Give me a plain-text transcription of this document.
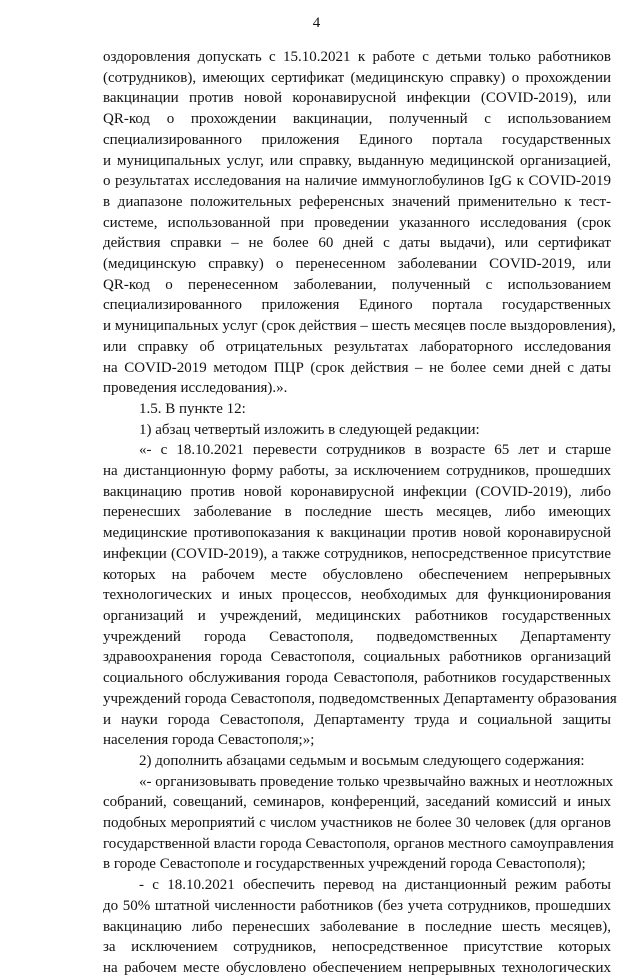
4
оздоровления допускать с 15.10.2021 к работе с детьми только работников
(сотрудников), имеющих сертификат (медицинскую справку) о прохождении
вакцинации против новой коронавирусной инфекции (COVID-2019), или
QR-код о прохождении вакцинации, полученный с использованием
специализированного приложения Единого портала государственных
и муниципальных услуг, или справку, выданную медицинской организацией,
о результатах исследования на наличие иммуноглобулинов IgG к COVID-2019
в диапазоне положительных референсных значений применительно к тест-
системе, использованной при проведении указанного исследования (срок
действия справки – не более 60 дней с даты выдачи), или сертификат
(медицинскую справку) о перенесенном заболевании COVID-2019, или
QR-код о перенесенном заболевании, полученный с использованием
специализированного приложения Единого портала государственных
и муниципальных услуг (срок действия – шесть месяцев после выздоровления),
или справку об отрицательных результатах лабораторного исследования
на COVID-2019 методом ПЦР (срок действия – не более семи дней с даты
проведения исследования).».
1.5. В пункте 12:
1) абзац четвертый изложить в следующей редакции:
«- с 18.10.2021 перевести сотрудников в возрасте 65 лет и старше
на дистанционную форму работы, за исключением сотрудников, прошедших
вакцинацию против новой коронавирусной инфекции (COVID-2019), либо
перенесших заболевание в последние шесть месяцев, либо имеющих
медицинские противопоказания к вакцинации против новой коронавирусной
инфекции (COVID-2019), а также сотрудников, непосредственное присутствие
которых на рабочем месте обусловлено обеспечением непрерывных
технологических и иных процессов, необходимых для функционирования
организаций и учреждений, медицинских работников государственных
учреждений города Севастополя, подведомственных Департаменту
здравоохранения города Севастополя, социальных работников организаций
социального обслуживания города Севастополя, работников государственных
учреждений города Севастополя, подведомственных Департаменту образования
и науки города Севастополя, Департаменту труда и социальной защиты
населения города Севастополя;»;
2) дополнить абзацами седьмым и восьмым следующего содержания:
«- организовывать проведение только чрезвычайно важных и неотложных
собраний, совещаний, семинаров, конференций, заседаний комиссий и иных
подобных мероприятий с числом участников не более 30 человек (для органов
государственной власти города Севастополя, органов местного самоуправления
в городе Севастополе и государственных учреждений города Севастополя);
- с 18.10.2021 обеспечить перевод на дистанционный режим работы
до 50% штатной численности работников (без учета сотрудников, прошедших
вакцинацию либо перенесших заболевание в последние шесть месяцев),
за исключением сотрудников, непосредственное присутствие которых
на рабочем месте обусловлено обеспечением непрерывных технологических
